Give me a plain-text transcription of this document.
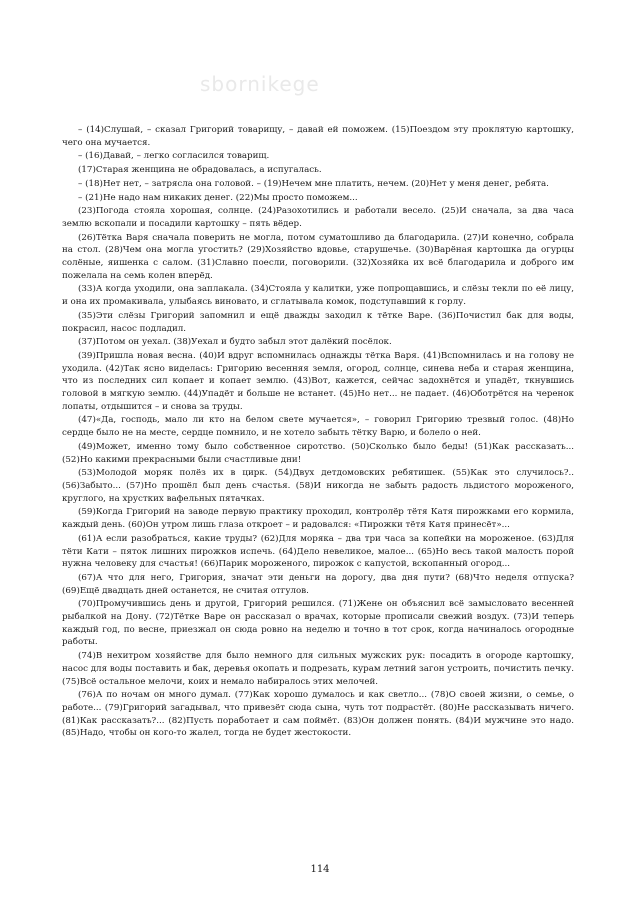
sbornikege

– (14)Слушай, – сказал Григорий товарищу, – давай ей поможем. (15)Поездом эту проклятую картошку, чего она мучается.

– (16)Давай, – легко согласился товарищ.

(17)Старая женщина не обрадовалась, а испугалась.

– (18)Нет нет, – затрясла она головой. – (19)Нечем мне платить, нечем. (20)Нет у меня денег, ребята.

– (21)Не надо нам никаких денег. (22)Мы просто поможем...

(23)Погода стояла хорошая, солнце. (24)Разохотились и работали весело. (25)И сначала, за два часа землю вскопали и посадили картошку – пять вёдер.

(26)Тётка Варя сначала поверить не могла, потом суматошливо да благодарила. (27)И конечно, собрала на стол. (28)Чем она могла угостить? (29)Хозяйство вдовье, старушечье. (30)Варёная картошка да огурцы солёные, яишенка с салом. (31)Славно поесли, поговорили. (32)Хозяйка их всё благодарила и доброго им пожелала на семь колен вперёд.

(33)А когда уходили, она заплакала. (34)Стояла у калитки, уже попрощавшись, и слёзы текли по её лицу, и она их промакивала, улыбаясь виновато, и сглатывала комок, подступавший к горлу.

(35)Эти слёзы Григорий запомнил и ещё дважды заходил к тётке Варе. (36)Почистил бак для воды, покрасил, насос подладил.

(37)Потом он уехал. (38)Уехал и будто забыл этот далёкий посёлок.

(39)Пришла новая весна. (40)И вдруг вспомнилась однажды тётка Варя. (41)Вспомнилась и на голову не уходила. (42)Так ясно виделась: Григорию весенняя земля, огород, солнце, синева неба и старая женщина, что из последних сил копает и копает землю. (43)Вот, кажется, сейчас задохнётся и упадёт, ткнувшись головой в мягкую землю. (44)Упадёт и больше не встанет. (45)Но нет... не падает. (46)Оботрётся на черенок лопаты, отдышится – и снова за труды.

(47)«Да, господь, мало ли кто на белом свете мучается», – говорил Григорию трезвый голос. (48)Но сердце было не на месте, сердце помнило, и не хотело забыть тётку Варю, и болело о ней.

(49)Может, именно тому было собственное сиротство. (50)Сколько было беды! (51)Как рассказать... (52)Но какими прекрасными были счастливые дни!

(53)Молодой моряк полёз их в цирк. (54)Двух детдомовских ребятишек. (55)Как это случилось?.. (56)Забыто... (57)Но прошёл был день счастья. (58)И никогда не забыть радость льдистого мороженого, круглого, на хрустких вафельных пятачках.

(59)Когда Григорий на заводе первую практику проходил, контролёр тётя Катя пирожками его кормила, каждый день. (60)Он утром лишь глаза откроет – и радовался: «Пирожки тётя Катя принесёт»...

(61)А если разобраться, какие труды? (62)Для моряка – два три часа за копейки на мороженое. (63)Для тёти Кати – пяток лишних пирожков испечь. (64)Дело невеликое, малое... (65)Но весь такой малость порой нужна человеку для счастья! (66)Парик мороженого, пирожок с капустой, вскопанный огород...

(67)А что для него, Григория, значат эти деньги на дорогу, два дня пути? (68)Что неделя отпуска? (69)Ещё двадцать дней останется, не считая отгулов.

(70)Промучившись день и другой, Григорий решился. (71)Жене он объяснил всё замысловато весенней рыбалкой на Дону. (72)Тётке Варе он рассказал о врачах, которые прописали свежий воздух. (73)И теперь каждый год, по весне, приезжал он сюда ровно на неделю и точно в тот срок, когда начиналось огородные работы.

(74)В нехитром хозяйстве для было немного для сильных мужских рук: посадить в огороде картошку, насос для воды поставить и бак, деревья окопать и подрезать, курам летний загон устроить, почистить печку. (75)Всё остальное мелочи, коих и немало набиралось этих мелочей.

(76)А по ночам он много думал. (77)Как хорошо думалось и как светло... (78)О своей жизни, о семье, о работе... (79)Григорий загадывал, что привезёт сюда сына, чуть тот подрастёт. (80)Не рассказывать ничего. (81)Как рассказать?... (82)Пусть поработает и сам поймёт. (83)Он должен понять. (84)И мужчине это надо. (85)Надо, чтобы он кого-то жалел, тогда не будет жестокости.

114
